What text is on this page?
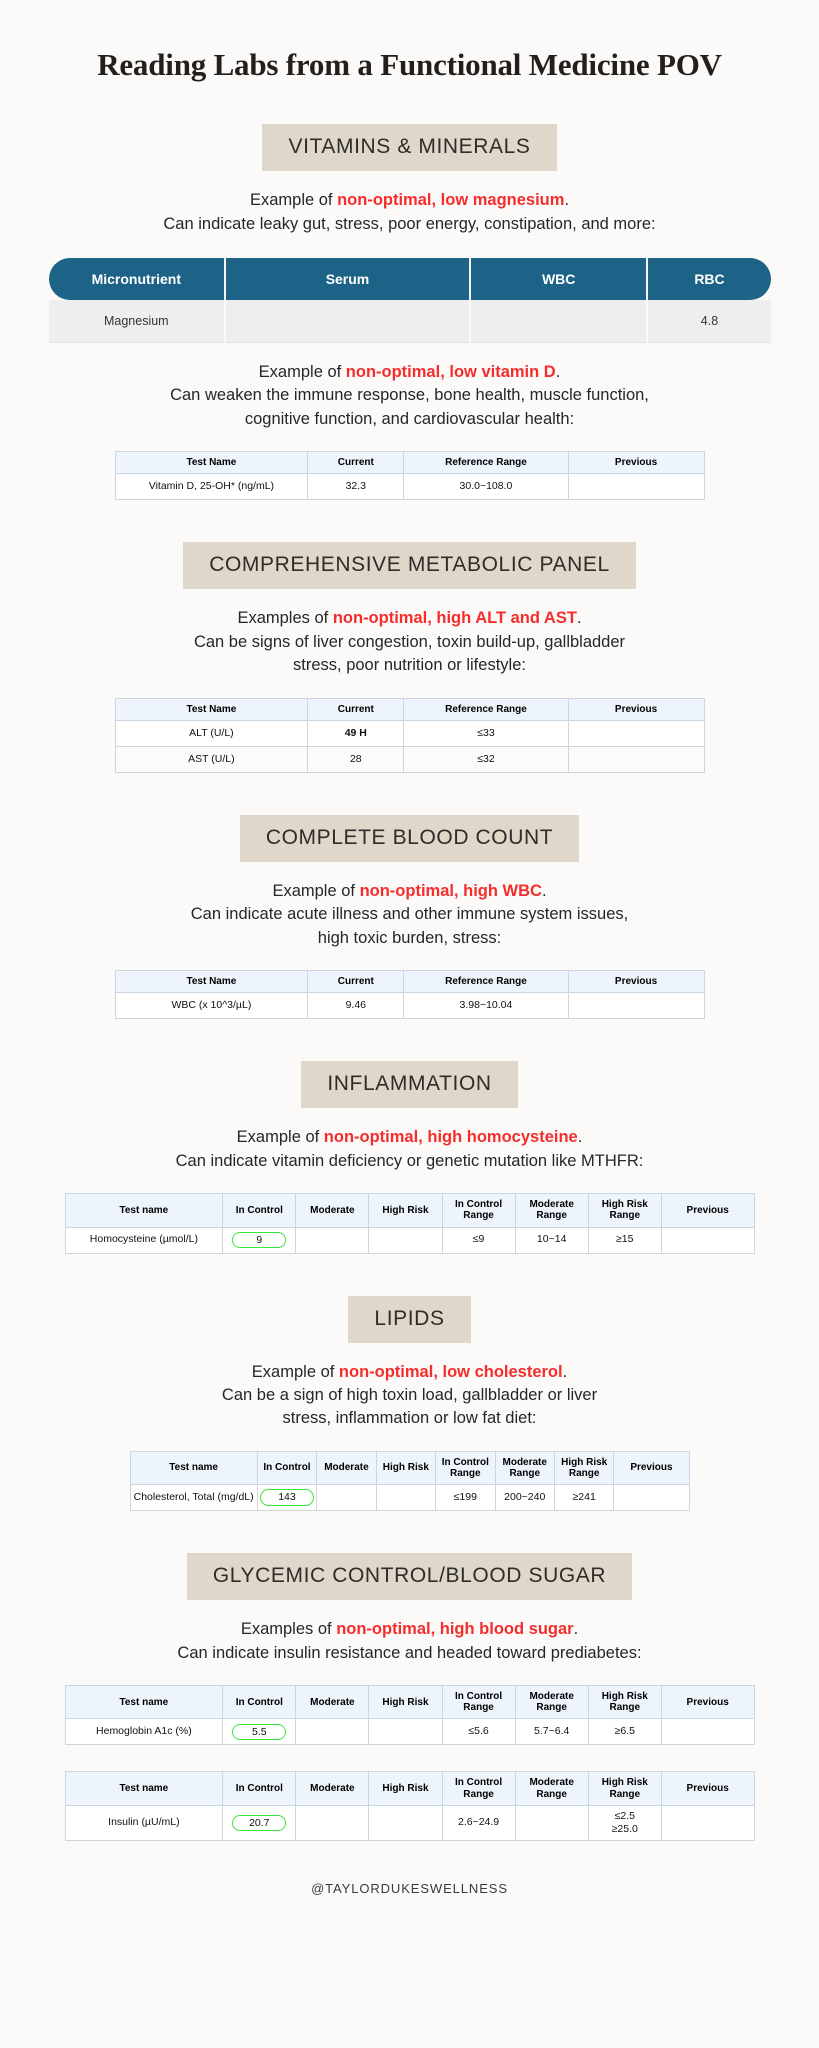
Reading Labs from a Functional Medicine POV
VITAMINS & MINERALS
Example of non-optimal, low magnesium.
Can indicate leaky gut, stress, poor energy, constipation, and more:
Micronutrient	Serum	WBC	RBC
Magnesium			4.8
Example of non-optimal, low vitamin D.
Can weaken the immune response, bone health, muscle function,
cognitive function, and cardiovascular health:
Test Name	Current	Reference Range	Previous
Vitamin D, 25-OH* (ng/mL)	32.3	30.0~108.0	
COMPREHENSIVE METABOLIC PANEL
Examples of non-optimal, high ALT and AST.
Can be signs of liver congestion, toxin build-up, gallbladder
stress, poor nutrition or lifestyle:
Test Name	Current	Reference Range	Previous
ALT (U/L)	49 H	≤33	
AST (U/L)	28	≤32	
COMPLETE BLOOD COUNT
Example of non-optimal, high WBC.
Can indicate acute illness and other immune system issues,
high toxic burden, stress:
Test Name	Current	Reference Range	Previous
WBC (x 10^3/µL)	9.46	3.98~10.04	
INFLAMMATION
Example of non-optimal, high homocysteine.
Can indicate vitamin deficiency or genetic mutation like MTHFR:
Test name	In Control	Moderate	High Risk	In Control Range	Moderate Range	High Risk Range	Previous
Homocysteine (µmol/L)	9			≤9	10~14	≥15	
LIPIDS
Example of non-optimal, low cholesterol.
Can be a sign of high toxin load, gallbladder or liver
stress, inflammation or low fat diet:
Test name	In Control	Moderate	High Risk	In Control Range	Moderate Range	High Risk Range	Previous
Cholesterol, Total (mg/dL)	143			≤199	200~240	≥241	
GLYCEMIC CONTROL/BLOOD SUGAR
Examples of non-optimal, high blood sugar.
Can indicate insulin resistance and headed toward prediabetes:
Test name	In Control	Moderate	High Risk	In Control Range	Moderate Range	High Risk Range	Previous
Hemoglobin A1c (%)	5.5			≤5.6	5.7~6.4	≥6.5	
Test name	In Control	Moderate	High Risk	In Control Range	Moderate Range	High Risk Range	Previous
Insulin (µU/mL)	20.7			2.6~24.9		≤2.5
≥25.0	

@TAYLORDUKESWELLNESS
